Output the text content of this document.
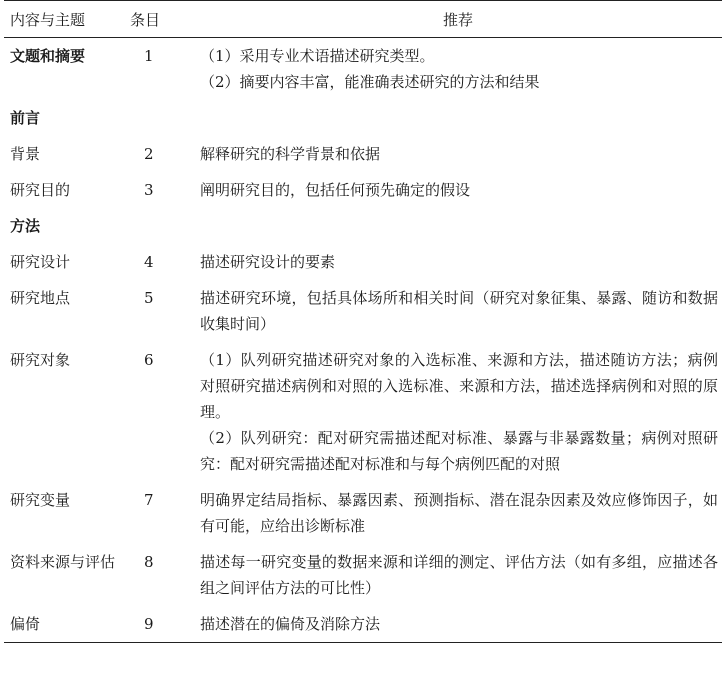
内容与主题	条目	推荐
文题和摘要	1	（1）采用专业术语描述研究类型。
（2）摘要内容丰富，能准确表述研究的方法和结果

前言		
背景	2	解释研究的科学背景和依据

研究目的	3	阐明研究目的，包括任何预先确定的假设

方法		
研究设计	4	描述研究设计的要素

研究地点	5	描述研究环境，包括具体场所和相关时间（研究对象征集、暴露、随访和数据收集时间）

研究对象	6	（1）队列研究描述研究对象的入选标准、来源和方法，描述随访方法；病例对照研究描述病例和对照的入选标准、来源和方法，描述选择病例和对照的原理。
（2）队列研究：配对研究需描述配对标准、暴露与非暴露数量；病例对照研究：配对研究需描述配对标准和与每个病例匹配的对照

研究变量	7	明确界定结局指标、暴露因素、预测指标、潜在混杂因素及效应修饰因子，如有可能，应给出诊断标准

资料来源与评估	8	描述每一研究变量的数据来源和详细的测定、评估方法（如有多组，应描述各组之间评估方法的可比性）

偏倚	9	描述潜在的偏倚及消除方法
